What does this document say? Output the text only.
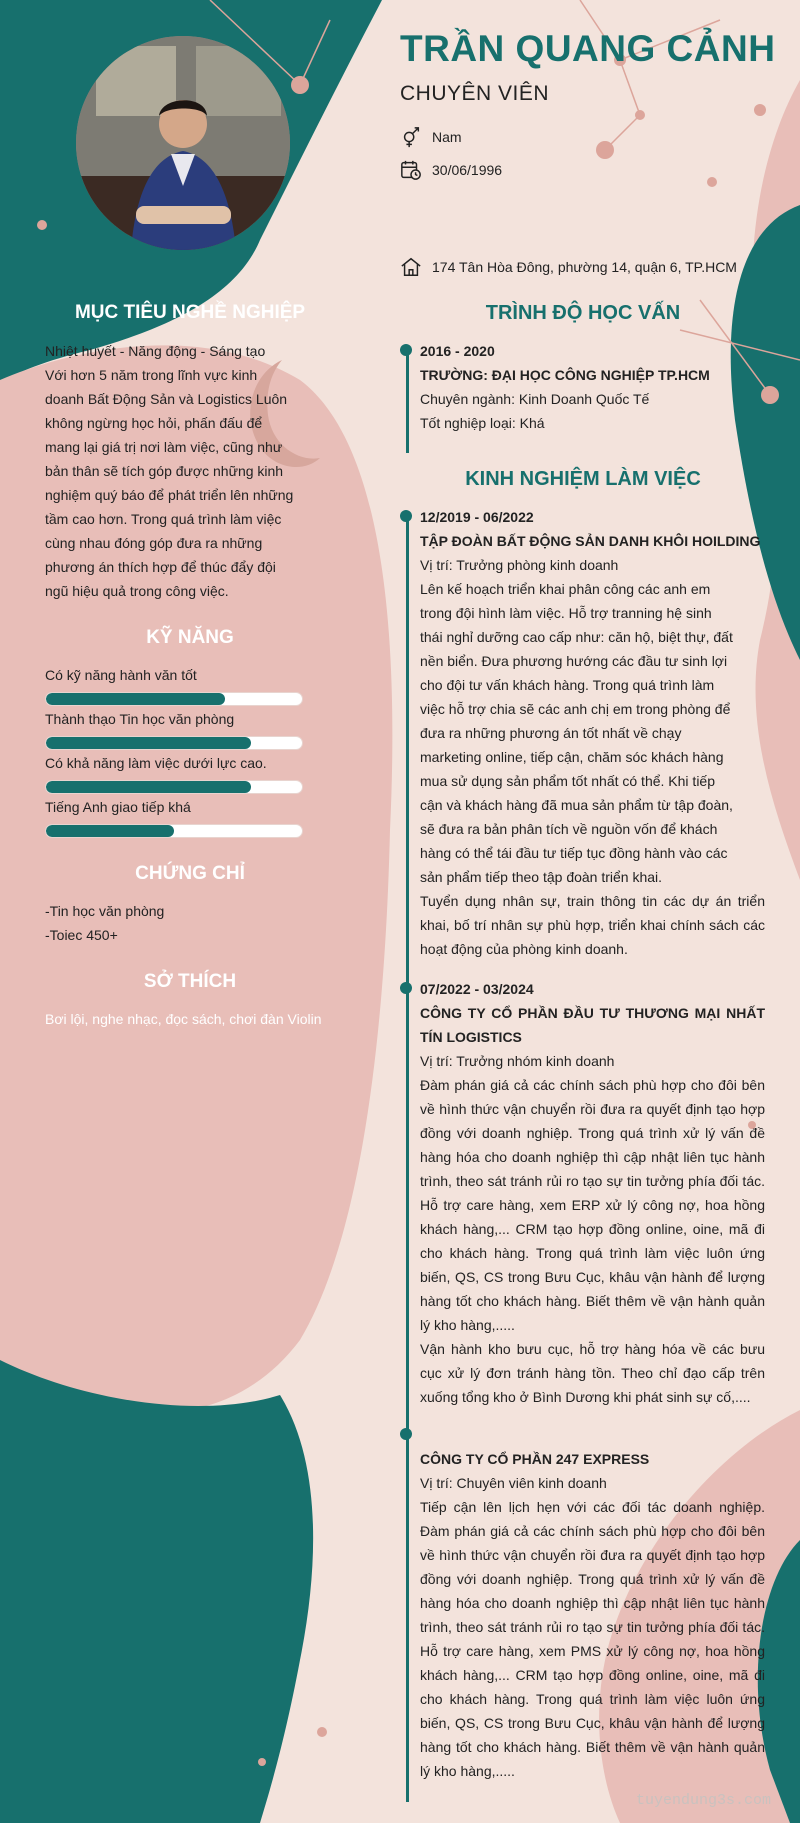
TRẦN QUANG CẢNH
CHUYÊN VIÊN
Nam
30/06/1996
174 Tân Hòa Đông, phường 14, quận 6, TP.HCM
MỤC TIÊU NGHỀ NGHIỆP
Nhiệt huyết - Năng động - Sáng tạo
Với hơn 5 năm trong lĩnh vực kinh
doanh Bất Động Sản và Logistics Luôn
không ngừng học hỏi, phấn đấu để
mang lại giá trị nơi làm việc, cũng như
bản thân sẽ tích góp được những kinh
nghiệm quý báo để phát triển lên những
tầm cao hơn. Trong quá trình làm việc
cùng nhau đóng góp đưa ra những
phương án thích hợp để thúc đẩy đội
ngũ hiệu quả trong công việc.
KỸ NĂNG
Có kỹ năng hành văn tốt
Thành thạo Tin học văn phòng
Có khả năng làm việc dưới lực cao.
Tiếng Anh giao tiếp khá
CHỨNG CHỈ
-Tin học văn phòng
-Toiec 450+
SỞ THÍCH
Bơi lội, nghe nhạc, đọc sách, chơi đàn Violin
TRÌNH ĐỘ HỌC VẤN
2016 - 2020
TRƯỜNG: ĐẠI HỌC CÔNG NGHIỆP TP.HCM
Chuyên ngành: Kinh Doanh Quốc Tế
Tốt nghiệp loại: Khá
KINH NGHIỆM LÀM VIỆC
12/2019 - 06/2022
TẬP ĐOÀN BẤT ĐỘNG SẢN DANH KHÔI HOILDING
Vị trí: Trưởng phòng kinh doanh
Lên kế hoạch triển khai phân công các anh em
trong đội hình làm việc. Hỗ trợ tranning hệ sinh
thái nghỉ dưỡng cao cấp như: căn hộ, biệt thự, đất
nền biển. Đưa phương hướng các đầu tư sinh lợi
cho đội tư vấn khách hàng. Trong quá trình làm
việc hỗ trợ chia sẽ các anh chị em trong phòng để
đưa ra những phương án tốt nhất về chạy
marketing online, tiếp cận, chăm sóc khách hàng
mua sử dụng sản phẩm tốt nhất có thể. Khi tiếp
cận và khách hàng đã mua sản phẩm từ tập đoàn,
sẽ đưa ra bản phân tích về nguồn vốn để khách
hàng có thể tái đầu tư tiếp tục đồng hành vào các
sản phẩm tiếp theo tập đoàn triển khai.
Tuyển dụng nhân sự, train thông tin các dự án triển khai, bố trí nhân sự phù hợp, triển khai chính sách các hoạt động của phòng kinh doanh.
07/2022 - 03/2024
CÔNG TY CỔ PHẦN ĐẦU TƯ THƯƠNG MẠI NHẤT TÍN LOGISTICS
Vị trí: Trưởng nhóm kinh doanh
Đàm phán giá cả các chính sách phù hợp cho đôi bên về hình thức vận chuyển rồi đưa ra quyết định tạo hợp đồng với doanh nghiệp. Trong quá trình xử lý vấn đề hàng hóa cho doanh nghiệp thì cập nhật liên tục hành trình, theo sát tránh rủi ro tạo sự tin tưởng phía đối tác. Hỗ trợ care hàng, xem ERP xử lý công nợ, hoa hồng khách hàng,... CRM tạo hợp đồng online, oine, mã đi cho khách hàng. Trong quá trình làm việc luôn ứng biến, QS, CS trong Bưu Cục, khâu vận hành để lượng hàng tốt cho khách hàng. Biết thêm về vận hành quản lý kho hàng,.....
Vận hành kho bưu cục, hỗ trợ hàng hóa về các bưu cục xử lý đơn tránh hàng tồn. Theo chỉ đạo cấp trên xuống tổng kho ở Bình Dương khi phát sinh sự cố,....
CÔNG TY CỔ PHẦN 247 EXPRESS
Vị trí: Chuyên viên kinh doanh
Tiếp cận lên lịch hẹn với các đối tác doanh nghiệp. Đàm phán giá cả các chính sách phù hợp cho đôi bên về hình thức vận chuyển rồi đưa ra quyết định tạo hợp đồng với doanh nghiệp. Trong quá trình xử lý vấn đề hàng hóa cho doanh nghiệp thì cập nhật liên tục hành trình, theo sát tránh rủi ro tạo sự tin tưởng phía đối tác. Hỗ trợ care hàng, xem PMS xử lý công nợ, hoa hồng khách hàng,... CRM tạo hợp đồng online, oine, mã đi cho khách hàng. Trong quá trình làm việc luôn ứng biến, QS, CS trong Bưu Cục, khâu vận hành để lượng hàng tốt cho khách hàng. Biết thêm về vận hành quản lý kho hàng,.....
tuyendung3s.com
